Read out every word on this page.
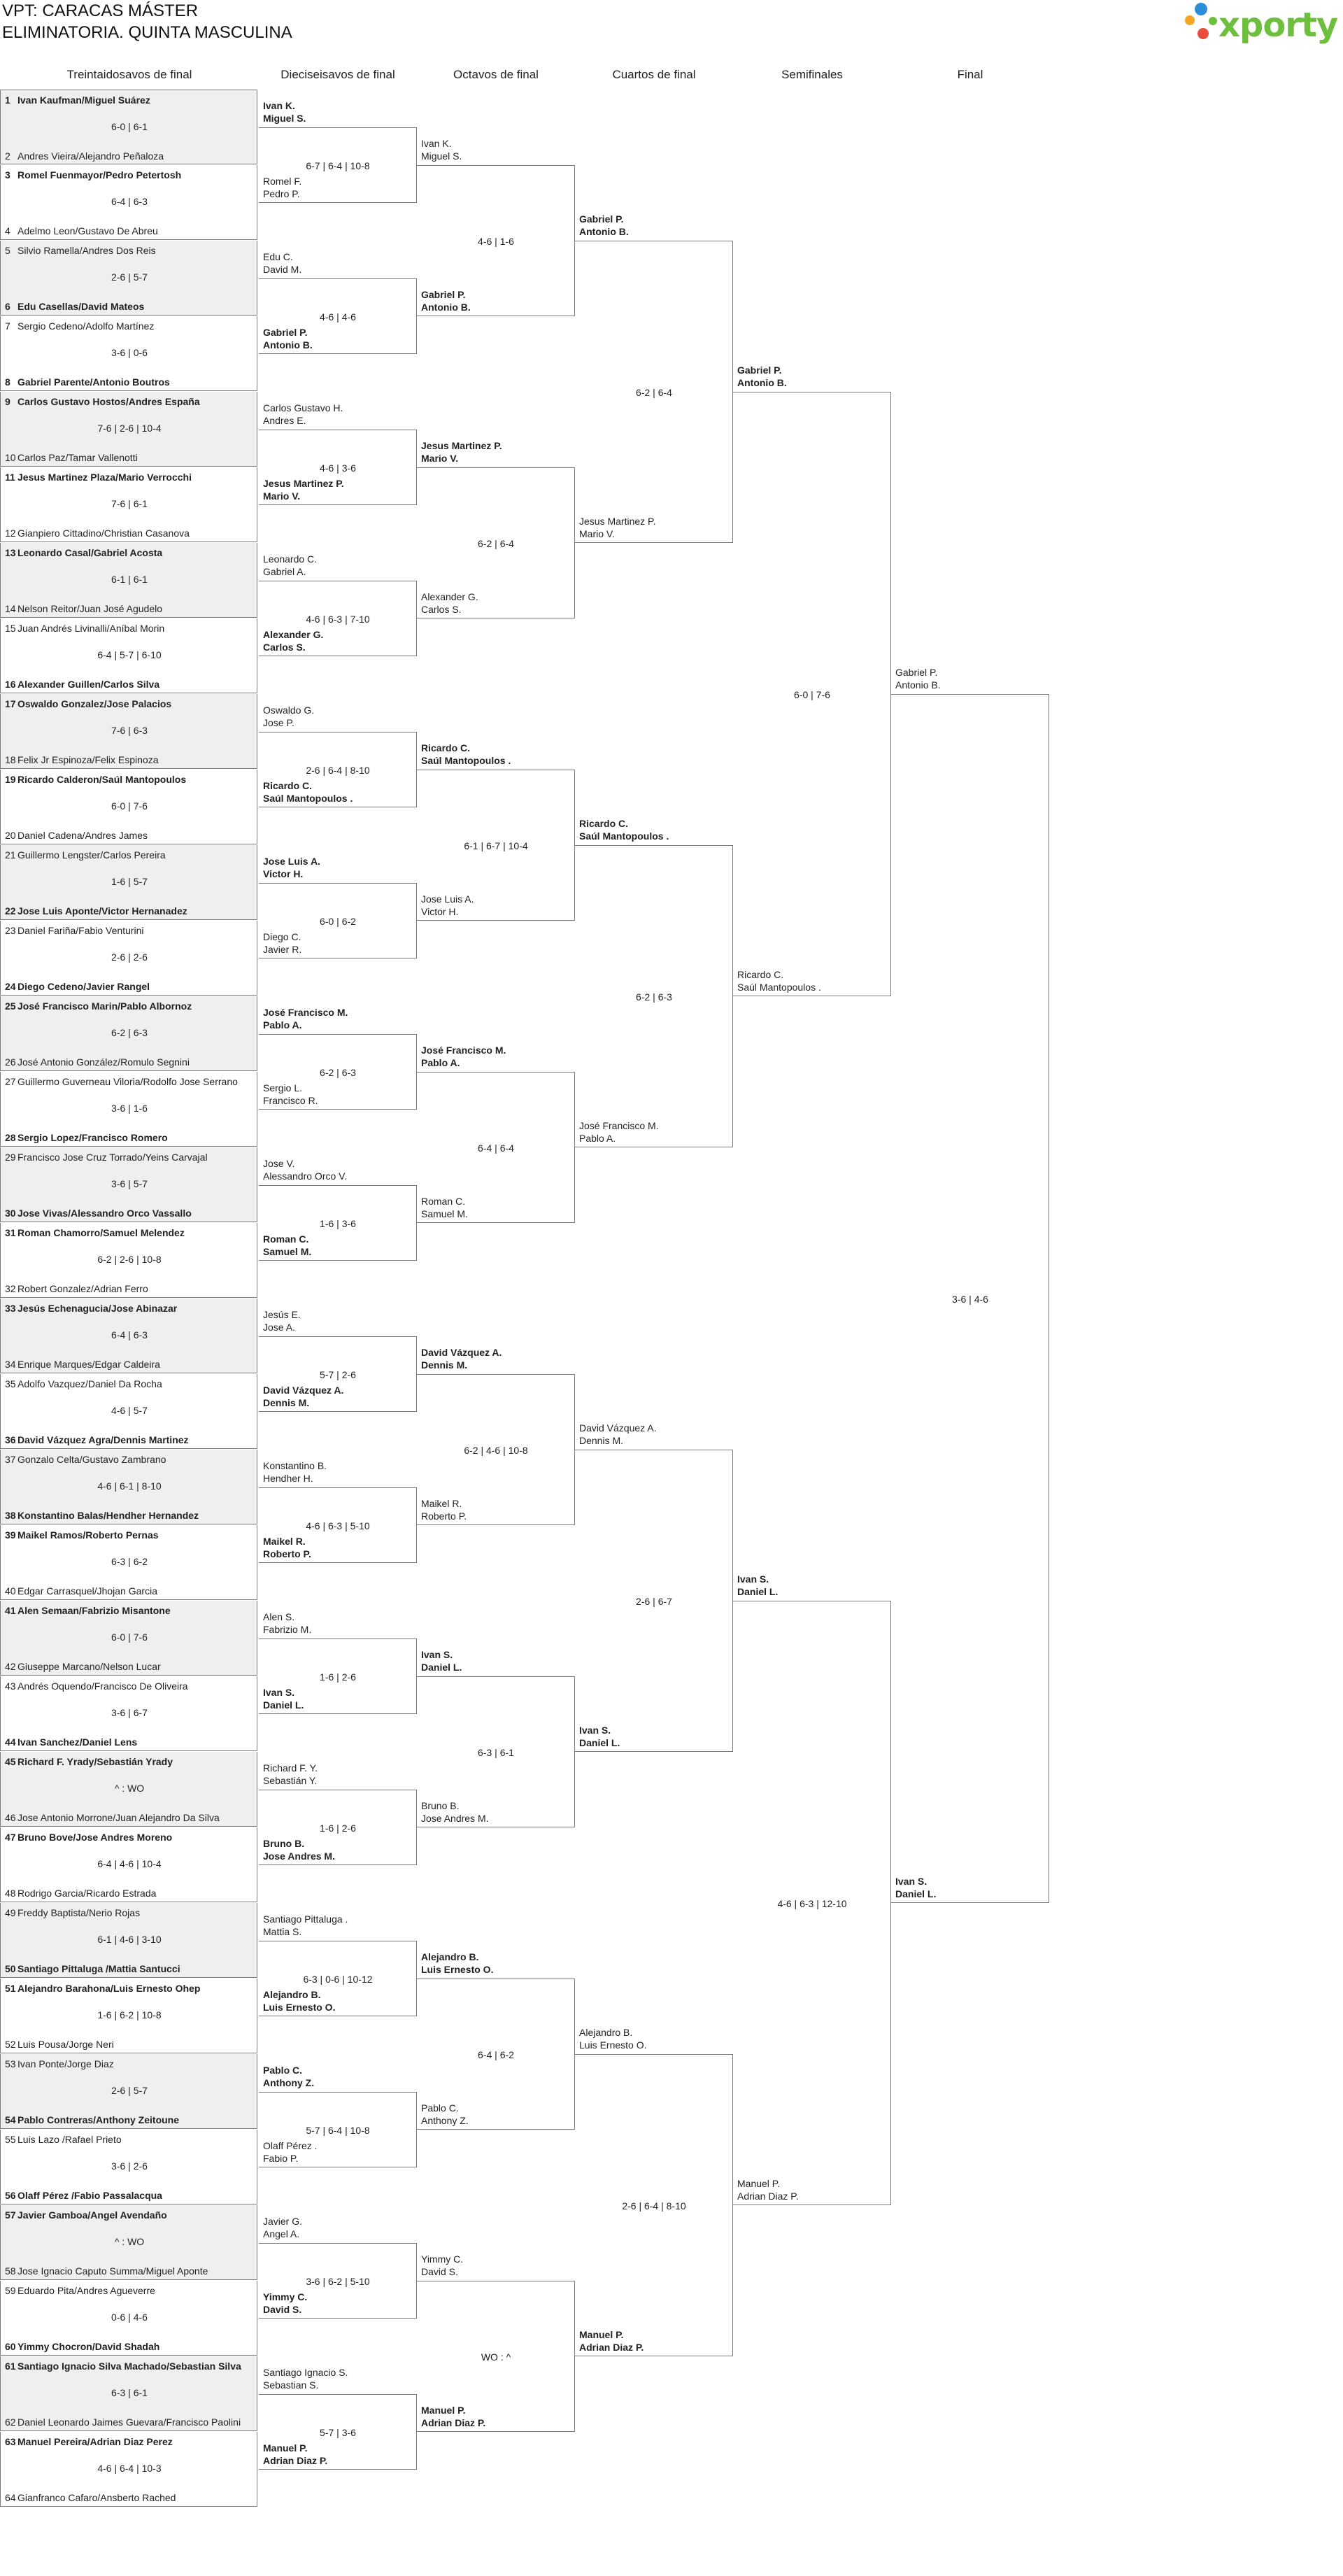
VPT: CARACAS MÁSTER
ELIMINATORIA. QUINTA MASCULINA	xporty
Treintaidosavos de final	Dieciseisavos de final	Octavos de final	Cuartos de final	Semifinales	Final
1 Ivan Kaufman/Miguel Suárez
6-0 | 6-1
2 Andres Vieira/Alejandro Peñaloza
3 Romel Fuenmayor/Pedro Petertosh
6-4 | 6-3
4 Adelmo Leon/Gustavo De Abreu
5 Silvio Ramella/Andres Dos Reis
2-6 | 5-7
6 Edu Casellas/David Mateos
7 Sergio Cedeno/Adolfo Martínez
3-6 | 0-6
8 Gabriel Parente/Antonio Boutros
9 Carlos Gustavo Hostos/Andres España
7-6 | 2-6 | 10-4
10 Carlos Paz/Tamar Vallenotti
11 Jesus Martinez Plaza/Mario Verrocchi
7-6 | 6-1
12 Gianpiero Cittadino/Christian Casanova
13 Leonardo Casal/Gabriel Acosta
6-1 | 6-1
14 Nelson Reitor/Juan José Agudelo
15 Juan Andrés Livinalli/Aníbal Morin
6-4 | 5-7 | 6-10
16 Alexander Guillen/Carlos Silva
17 Oswaldo Gonzalez/Jose Palacios
7-6 | 6-3
18 Felix Jr Espinoza/Felix Espinoza
19 Ricardo Calderon/Saúl Mantopoulos
6-0 | 7-6
20 Daniel Cadena/Andres James
21 Guillermo Lengster/Carlos Pereira
1-6 | 5-7
22 Jose Luis Aponte/Victor Hernanadez
23 Daniel Fariña/Fabio Venturini
2-6 | 2-6
24 Diego Cedeno/Javier Rangel
25 José Francisco Marin/Pablo Albornoz
6-2 | 6-3
26 José Antonio González/Romulo Segnini
27 Guillermo Guverneau Viloria/Rodolfo Jose Serrano
3-6 | 1-6
28 Sergio Lopez/Francisco Romero
29 Francisco Jose Cruz Torrado/Yeins Carvajal
3-6 | 5-7
30 Jose Vivas/Alessandro Orco Vassallo
31 Roman Chamorro/Samuel Melendez
6-2 | 2-6 | 10-8
32 Robert Gonzalez/Adrian Ferro
33 Jesús Echenagucia/Jose Abinazar
6-4 | 6-3
34 Enrique Marques/Edgar Caldeira
35 Adolfo Vazquez/Daniel Da Rocha
4-6 | 5-7
36 David Vázquez Agra/Dennis Martinez
37 Gonzalo Celta/Gustavo Zambrano
4-6 | 6-1 | 8-10
38 Konstantino Balas/Hendher Hernandez
39 Maikel Ramos/Roberto Pernas
6-3 | 6-2
40 Edgar Carrasquel/Jhojan Garcia
41 Alen Semaan/Fabrizio Misantone
6-0 | 7-6
42 Giuseppe Marcano/Nelson Lucar
43 Andrés Oquendo/Francisco De Oliveira
3-6 | 6-7
44 Ivan Sanchez/Daniel Lens
45 Richard F. Yrady/Sebastián Yrady
^ : WO
46 Jose Antonio Morrone/Juan Alejandro Da Silva
47 Bruno Bove/Jose Andres Moreno
6-4 | 4-6 | 10-4
48 Rodrigo Garcia/Ricardo Estrada
49 Freddy Baptista/Nerio Rojas
6-1 | 4-6 | 3-10
50 Santiago Pittaluga /Mattia Santucci
51 Alejandro Barahona/Luis Ernesto Ohep
1-6 | 6-2 | 10-8
52 Luis Pousa/Jorge Neri
53 Ivan Ponte/Jorge Diaz
2-6 | 5-7
54 Pablo Contreras/Anthony Zeitoune
55 Luis Lazo /Rafael Prieto
3-6 | 2-6
56 Olaff Pérez /Fabio Passalacqua
57 Javier Gamboa/Angel Avendaño
^ : WO
58 Jose Ignacio Caputo Summa/Miguel Aponte
59 Eduardo Pita/Andres Agueverre
0-6 | 4-6
60 Yimmy Chocron/David Shadah
61 Santiago Ignacio Silva Machado/Sebastian Silva
6-3 | 6-1
62 Daniel Leonardo Jaimes Guevara/Francisco Paolini
63 Manuel Pereira/Adrian Diaz Perez
4-6 | 6-4 | 10-3
64 Gianfranco Cafaro/Ansberto Rached
6-7 | 6-4 | 10-8
Ivan K.
Miguel S.
Romel F.
Pedro P.
4-6 | 4-6
Edu C.
David M.
Gabriel P.
Antonio B.
4-6 | 3-6
Carlos Gustavo H.
Andres E.
Jesus Martinez P.
Mario V.
4-6 | 6-3 | 7-10
Leonardo C.
Gabriel A.
Alexander G.
Carlos S.
2-6 | 6-4 | 8-10
Oswaldo G.
Jose P.
Ricardo C.
Saúl Mantopoulos .
6-0 | 6-2
Jose Luis A.
Victor H.
Diego C.
Javier R.
6-2 | 6-3
José Francisco M.
Pablo A.
Sergio L.
Francisco R.
1-6 | 3-6
Jose V.
Alessandro Orco V.
Roman C.
Samuel M.
5-7 | 2-6
Jesús E.
Jose A.
David Vázquez A.
Dennis M.
4-6 | 6-3 | 5-10
Konstantino B.
Hendher H.
Maikel R.
Roberto P.
1-6 | 2-6
Alen S.
Fabrizio M.
Ivan S.
Daniel L.
1-6 | 2-6
Richard F. Y.
Sebastián Y.
Bruno B.
Jose Andres M.
6-3 | 0-6 | 10-12
Santiago Pittaluga .
Mattia S.
Alejandro B.
Luis Ernesto O.
5-7 | 6-4 | 10-8
Pablo C.
Anthony Z.
Olaff Pérez .
Fabio P.
3-6 | 6-2 | 5-10
Javier G.
Angel A.
Yimmy C.
David S.
5-7 | 3-6
Santiago Ignacio S.
Sebastian S.
Manuel P.
Adrian Diaz P.
4-6 | 1-6
Ivan K.
Miguel S.
Gabriel P.
Antonio B.
6-2 | 6-4
Jesus Martinez P.
Mario V.
Alexander G.
Carlos S.
6-1 | 6-7 | 10-4
Ricardo C.
Saúl Mantopoulos .
Jose Luis A.
Victor H.
6-4 | 6-4
José Francisco M.
Pablo A.
Roman C.
Samuel M.
6-2 | 4-6 | 10-8
David Vázquez A.
Dennis M.
Maikel R.
Roberto P.
6-3 | 6-1
Ivan S.
Daniel L.
Bruno B.
Jose Andres M.
6-4 | 6-2
Alejandro B.
Luis Ernesto O.
Pablo C.
Anthony Z.
WO : ^
Yimmy C.
David S.
Manuel P.
Adrian Diaz P.
6-2 | 6-4
Gabriel P.
Antonio B.
Jesus Martinez P.
Mario V.
6-2 | 6-3
Ricardo C.
Saúl Mantopoulos .
José Francisco M.
Pablo A.
2-6 | 6-7
David Vázquez A.
Dennis M.
Ivan S.
Daniel L.
2-6 | 6-4 | 8-10
Alejandro B.
Luis Ernesto O.
Manuel P.
Adrian Diaz P.
6-0 | 7-6
Gabriel P.
Antonio B.
Ricardo C.
Saúl Mantopoulos .
4-6 | 6-3 | 12-10
Ivan S.
Daniel L.
Manuel P.
Adrian Diaz P.
3-6 | 4-6
Gabriel P.
Antonio B.
Ivan S.
Daniel L.
